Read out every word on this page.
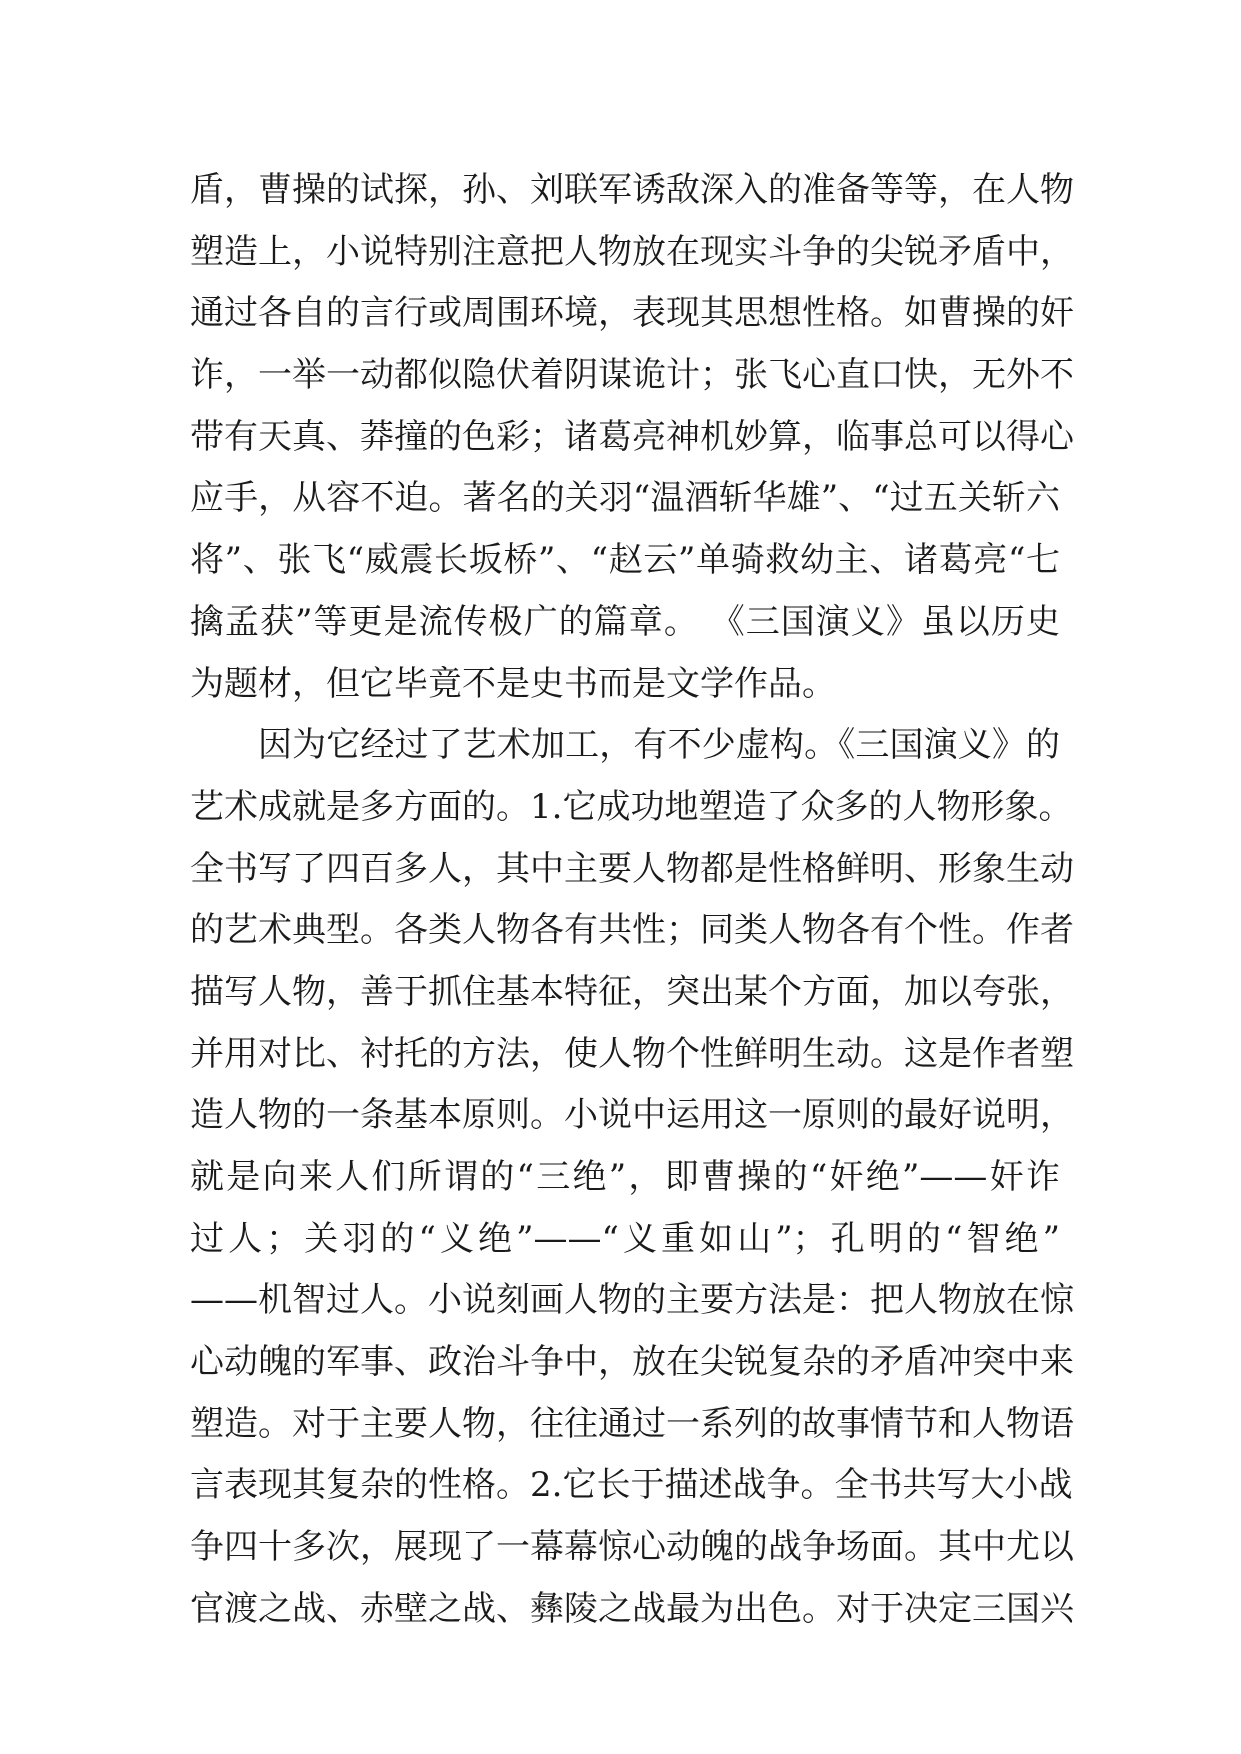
盾，曹操的试探，孙、刘联军诱敌深入的准备等等，在人物
塑造上，小说特别注意把人物放在现实斗争的尖锐矛盾中，
通过各自的言行或周围环境，表现其思想性格。如曹操的奸
诈，一举一动都似隐伏着阴谋诡计；张飞心直口快，无外不
带有天真、莽撞的色彩；诸葛亮神机妙算，临事总可以得心
应手，从容不迫。著名的关羽“温酒斩华雄”、“过五关斩六
将”、张飞“威震长坂桥”、“赵云”单骑救幼主、诸葛亮“七
擒孟获”等更是流传极广的篇章。 《三国演义》虽以历史
为题材，但它毕竟不是史书而是文学作品。
因为它经过了艺术加工，有不少虚构。《三国演义》的
艺术成就是多方面的。1.它成功地塑造了众多的人物形象。
全书写了四百多人，其中主要人物都是性格鲜明、形象生动
的艺术典型。各类人物各有共性；同类人物各有个性。作者
描写人物，善于抓住基本特征，突出某个方面，加以夸张，
并用对比、衬托的方法，使人物个性鲜明生动。这是作者塑
造人物的一条基本原则。小说中运用这一原则的最好说明，
就是向来人们所谓的“三绝”，即曹操的“奸绝”——奸诈
过人；关羽的“义绝”——“义重如山”；孔明的“智绝”
——机智过人。小说刻画人物的主要方法是：把人物放在惊
心动魄的军事、政治斗争中，放在尖锐复杂的矛盾冲突中来
塑造。对于主要人物，往往通过一系列的故事情节和人物语
言表现其复杂的性格。2.它长于描述战争。全书共写大小战
争四十多次，展现了一幕幕惊心动魄的战争场面。其中尤以
官渡之战、赤壁之战、彝陵之战最为出色。对于决定三国兴
